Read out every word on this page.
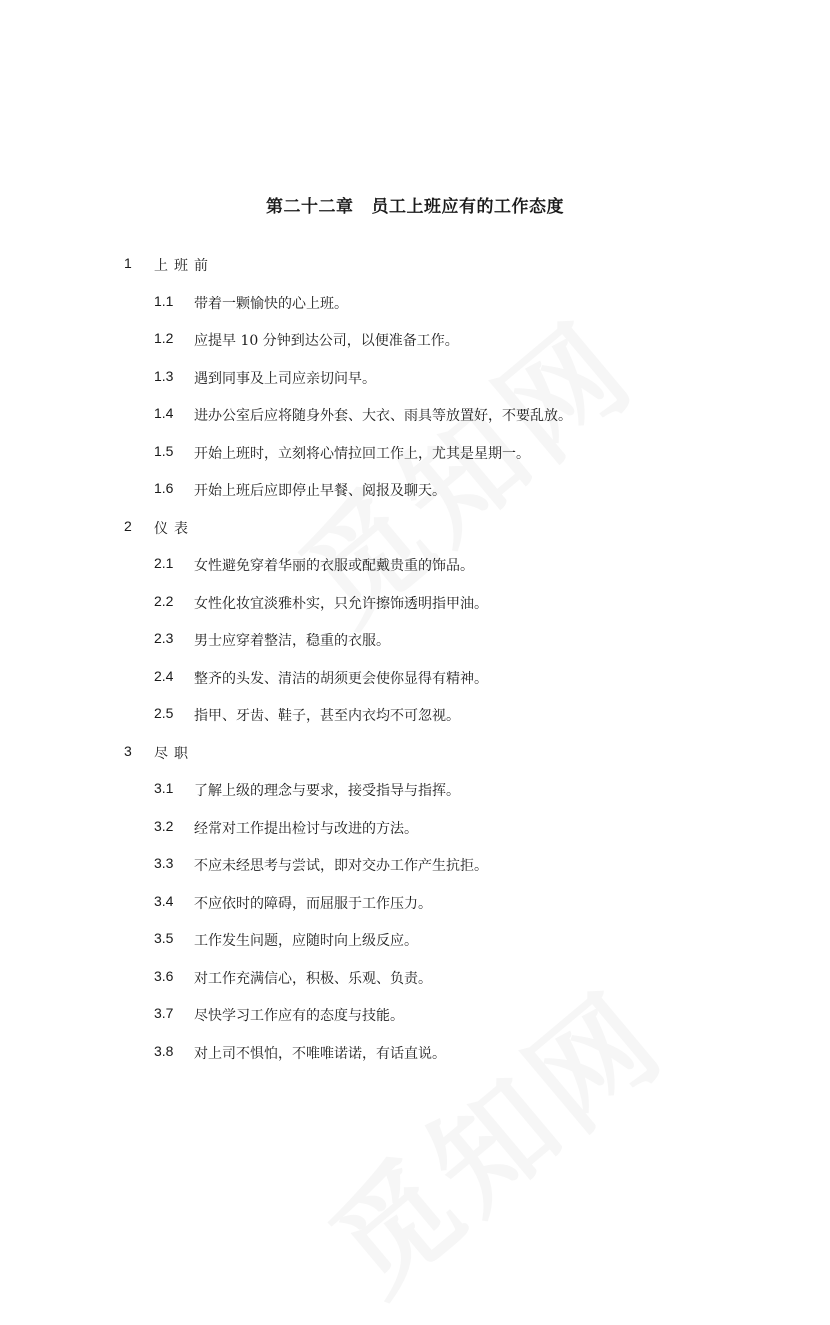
第二十二章 员工上班应有的工作态度
1 上班前
1.1 带着一颗愉快的心上班。
1.2 应提早 10 分钟到达公司，以便准备工作。
1.3 遇到同事及上司应亲切问早。
1.4 进办公室后应将随身外套、大衣、雨具等放置好，不要乱放。
1.5 开始上班时，立刻将心情拉回工作上，尤其是星期一。
1.6 开始上班后应即停止早餐、阅报及聊天。
2 仪表
2.1 女性避免穿着华丽的衣服或配戴贵重的饰品。
2.2 女性化妆宜淡雅朴实，只允许擦饰透明指甲油。
2.3 男士应穿着整洁，稳重的衣服。
2.4 整齐的头发、清洁的胡须更会使你显得有精神。
2.5 指甲、牙齿、鞋子，甚至内衣均不可忽视。
3 尽职
3.1 了解上级的理念与要求，接受指导与指挥。
3.2 经常对工作提出检讨与改进的方法。
3.3 不应未经思考与尝试，即对交办工作产生抗拒。
3.4 不应依时的障碍，而屈服于工作压力。
3.5 工作发生问题，应随时向上级反应。
3.6 对工作充满信心，积极、乐观、负责。
3.7 尽快学习工作应有的态度与技能。
3.8 对上司不惧怕，不唯唯诺诺，有话直说。
